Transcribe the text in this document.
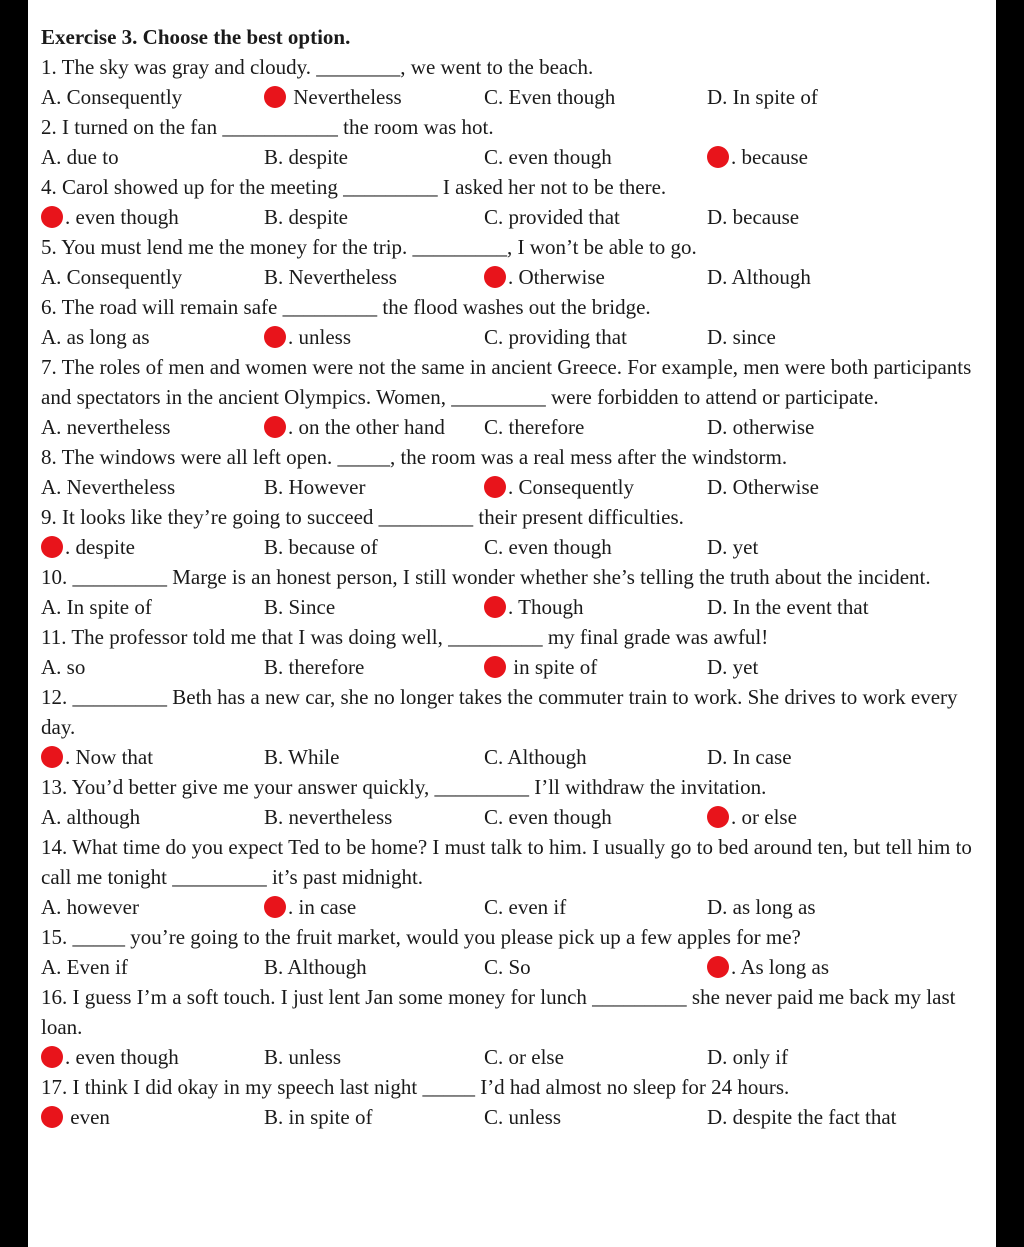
Exercise 3. Choose the best option.
1. The sky was gray and cloudy. ________, we went to the beach.
A. Consequently	Nevertheless	C. Even though	D. In spite of
2. I turned on the fan ___________ the room was hot.
A. due to	B. despite	C. even though	. because
4. Carol showed up for the meeting _________ I asked her not to be there.
. even though	B. despite	C. provided that	D. because
5. You must lend me the money for the trip. _________, I won’t be able to go.
A. Consequently	B. Nevertheless	. Otherwise	D. Although
6. The road will remain safe _________ the flood washes out the bridge.
A. as long as	. unless	C. providing that	D. since
7. The roles of men and women were not the same in ancient Greece. For example, men were both participants and spectators in the ancient Olympics. Women, _________ were forbidden to attend or participate.
A. nevertheless	. on the other hand C. therefore	D. otherwise
8. The windows were all left open. _____, the room was a real mess after the windstorm.
A. Nevertheless	B. However	. Consequently	D. Otherwise
9. It looks like they’re going to succeed _________ their present difficulties.
. despite	B. because of	C. even though	D. yet
10. _________ Marge is an honest person, I still wonder whether she’s telling the truth about the incident.
A. In spite of	B. Since	. Though	D. In the event that
11. The professor told me that I was doing well, _________ my final grade was awful!
A. so	B. therefore	in spite of	D. yet
12. _________ Beth has a new car, she no longer takes the commuter train to work. She drives to work every day.
. Now that	B. While	C. Although	D. In case
13. You’d better give me your answer quickly, _________ I’ll withdraw the invitation.
A. although	B. nevertheless	C. even though	. or else
14. What time do you expect Ted to be home? I must talk to him. I usually go to bed around ten, but tell him to call me tonight _________ it’s past midnight.
A. however	. in case	C. even if	D. as long as
15. _____ you’re going to the fruit market, would you please pick up a few apples for me?
A. Even if	B. Although	C. So	. As long as
16. I guess I’m a soft touch. I just lent Jan some money for lunch _________ she never paid me back my last loan.
. even though	B. unless	C. or else	D. only if
17. I think I did okay in my speech last night _____ I’d had almost no sleep for 24 hours.
even	B. in spite of	C. unless	D. despite the fact that
